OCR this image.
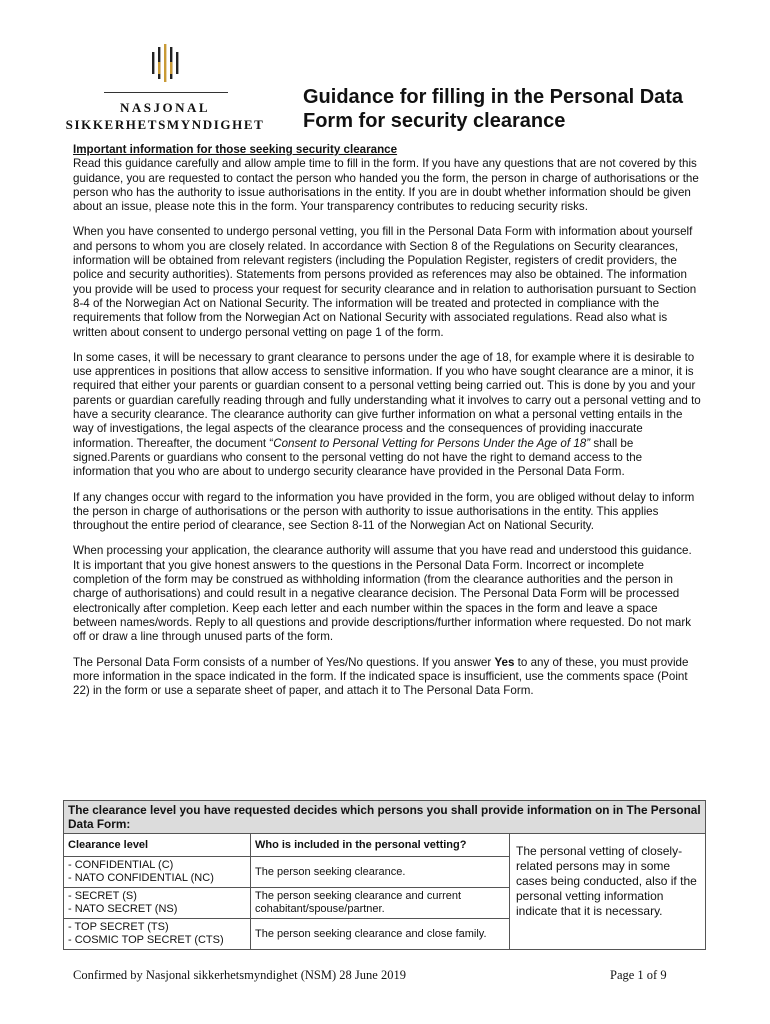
NASJONAL
SIKKERHETSMYNDIGHET
Guidance for filling in the Personal Data Form for security clearance

Important information for those seeking security clearance
Read this guidance carefully and allow ample time to fill in the form. If you have any questions that are not covered by this guidance, you are requested to contact the person who handed you the form, the person in charge of authorisations or the person who has the authority to issue authorisations in the entity. If you are in doubt whether information should be given about an issue, please note this in the form. Your transparency contributes to reducing security risks.

When you have consented to undergo personal vetting, you fill in the Personal Data Form with information about yourself and persons to whom you are closely related. In accordance with Section 8 of the Regulations on Security clearances, information will be obtained from relevant registers (including the Population Register, registers of credit providers, the police and security authorities). Statements from persons provided as references may also be obtained. The information you provide will be used to process your request for security clearance and in relation to authorisation pursuant to Section 8-4 of the Norwegian Act on National Security. The information will be treated and protected in compliance with the requirements that follow from the Norwegian Act on National Security with associated regulations. Read also what is written about consent to undergo personal vetting on page 1 of the form.

In some cases, it will be necessary to grant clearance to persons under the age of 18, for example where it is desirable to use apprentices in positions that allow access to sensitive information. If you who have sought clearance are a minor, it is required that either your parents or guardian consent to a personal vetting being carried out. This is done by you and your parents or guardian carefully reading through and fully understanding what it involves to carry out a personal vetting and to have a security clearance. The clearance authority can give further information on what a personal vetting entails in the way of investigations, the legal aspects of the clearance process and the consequences of providing inaccurate information. Thereafter, the document “Consent to Personal Vetting for Persons Under the Age of 18” shall be signed.Parents or guardians who consent to the personal vetting do not have the right to demand access to the information that you who are about to undergo security clearance have provided in the Personal Data Form.

If any changes occur with regard to the information you have provided in the form, you are obliged without delay to inform the person in charge of authorisations or the person with authority to issue authorisations in the entity. This applies throughout the entire period of clearance, see Section 8-11 of the Norwegian Act on National Security.

When processing your application, the clearance authority will assume that you have read and understood this guidance. It is important that you give honest answers to the questions in the Personal Data Form. Incorrect or incomplete completion of the form may be construed as withholding information (from the clearance authorities and the person in charge of authorisations) and could result in a negative clearance decision. The Personal Data Form will be processed electronically after completion. Keep each letter and each number within the spaces in the form and leave a space between names/words. Reply to all questions and provide descriptions/further information where requested. Do not mark off or draw a line through unused parts of the form.

The Personal Data Form consists of a number of Yes/No questions. If you answer Yes to any of these, you must provide more information in the space indicated in the form. If the indicated space is insufficient, use the comments space (Point 22) in the form or use a separate sheet of paper, and attach it to The Personal Data Form.

The clearance level you have requested decides which persons you shall provide information on in The Personal Data Form:		
Clearance level	Who is included in the personal vetting?	The personal vetting of closely-related persons may in some cases being conducted, also if the personal vetting information indicate that it is necessary.

- CONFIDENTIAL (C)
- NATO CONFIDENTIAL (NC)	The person seeking clearance.	

- SECRET (S)
- NATO SECRET (NS)	The person seeking clearance and current cohabitant/spouse/partner.	

- TOP SECRET (TS)
- COSMIC TOP SECRET (CTS)	The person seeking clearance and close family.	
Confirmed by Nasjonal sikkerhetsmyndighet (NSM) 28 June 2019	Page 1 of 9
